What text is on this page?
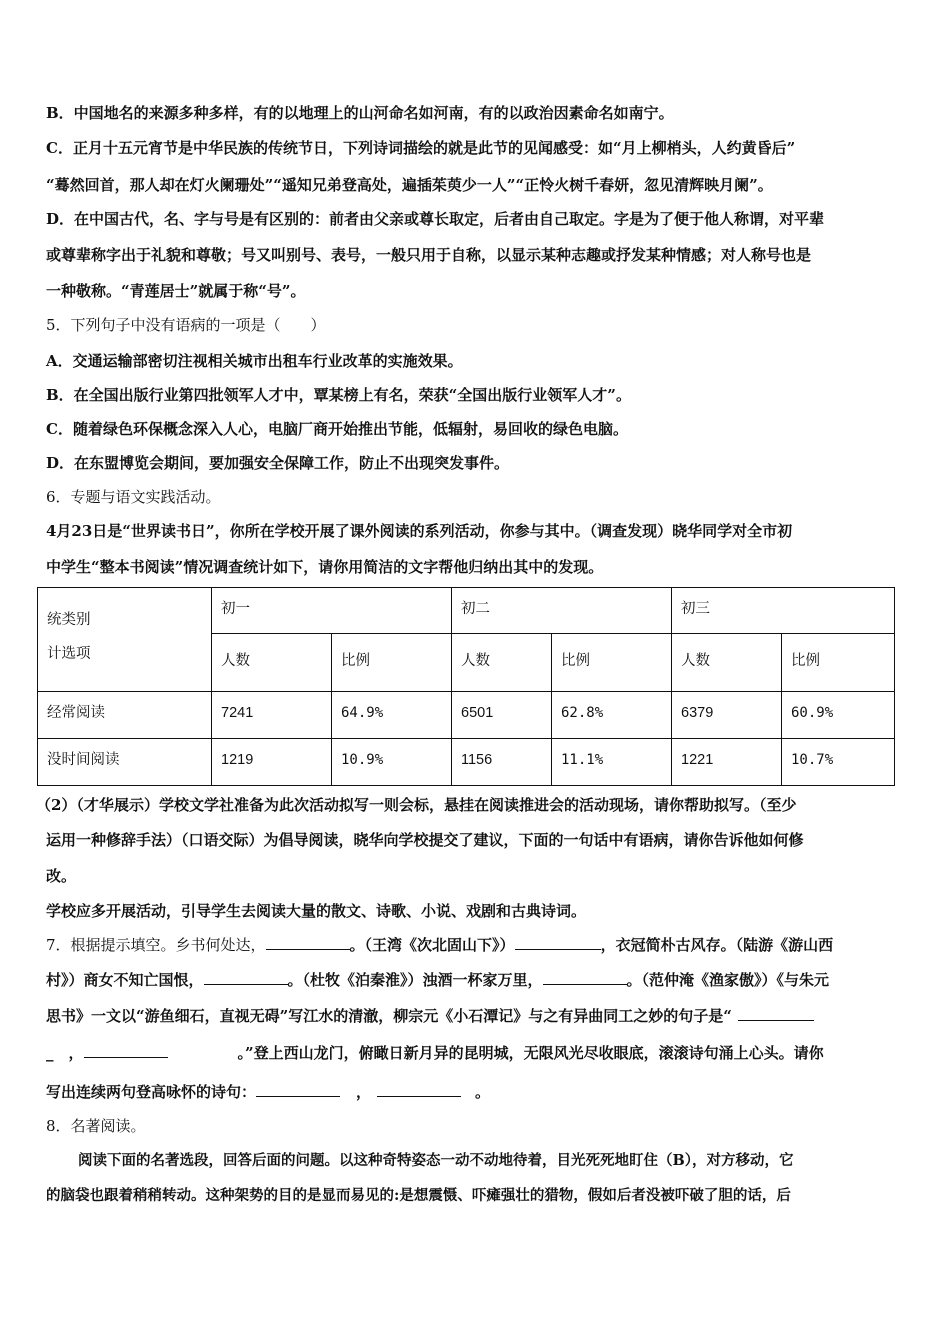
B．中国地名的来源多种多样，有的以地理上的山河命名如河南，有的以政治因素命名如南宁。
C．正月十五元宵节是中华民族的传统节日，下列诗词描绘的就是此节的见闻感受：如“月上柳梢头，人约黄昏后”
“蓦然回首，那人却在灯火阑珊处”“遥知兄弟登高处，遍插茱萸少一人”“正怜火树千春妍，忽见清辉映月阑”。
D．在中国古代，名、字与号是有区别的：前者由父亲或尊长取定，后者由自己取定。字是为了便于他人称谓，对平辈
或尊辈称字出于礼貌和尊敬；号又叫别号、表号，一般只用于自称，以显示某种志趣或抒发某种情感；对人称号也是
一种敬称。“青莲居士”就属于称“号”。
5．下列句子中没有语病的一项是（　　）
A．交通运输部密切注视相关城市出租车行业改革的实施效果。
B．在全国出版行业第四批领军人才中，覃某榜上有名，荣获“全国出版行业领军人才”。
C．随着绿色环保概念深入人心，电脑厂商开始推出节能，低辐射，易回收的绿色电脑。
D．在东盟博览会期间，要加强安全保障工作，防止不出现突发事件。
6．专题与语文实践活动。
4月23日是“世界读书日”，你所在学校开展了课外阅读的系列活动，你参与其中。（调查发现）晓华同学对全市初
中学生“整本书阅读”情况调查统计如下，请你用简洁的文字帮他归纳出其中的发现。
统类别
计选项
初一	初二	初三
人数	比例	人数	比例	人数	比例
经常阅读	7241	64.9%	6501	62.8%	6379	60.9%
没时间阅读	1219	10.9%	1156	11.1%	1221	10.7%
（2）（才华展示）学校文学社准备为此次活动拟写一则会标，悬挂在阅读推进会的活动现场，请你帮助拟写。（至少
运用一种修辞手法）（口语交际）为倡导阅读，晓华向学校提交了建议，下面的一句话中有语病，请你告诉他如何修
改。
学校应多开展活动，引导学生去阅读大量的散文、诗歌、小说、戏剧和古典诗词。
7．根据提示填空。乡书何处达，	。（王湾《次北固山下》）	，衣冠简朴古风存。（陆游《游山西
村》）商女不知亡国恨，	。（杜牧《泊秦淮》）浊酒一杯家万里，	。（范仲淹《渔家傲》）《与朱元
思书》一文以“游鱼细石，直视无碍”写江水的清澈，柳宗元《小石潭记》与之有异曲同工之妙的句子是“
_　，	。”登上西山龙门，俯瞰日新月异的昆明城，无限风光尽收眼底，滚滚诗句涌上心头。请你
写出连续两句登高咏怀的诗句：	，	。
8．名著阅读。
阅读下面的名著选段，回答后面的问题。以这种奇特姿态一动不动地待着，目光死死地盯住（B），对方移动，它
的脑袋也跟着稍稍转动。这种架势的目的是显而易见的:是想震慑、吓瘫强壮的猎物，假如后者没被吓破了胆的话，后
